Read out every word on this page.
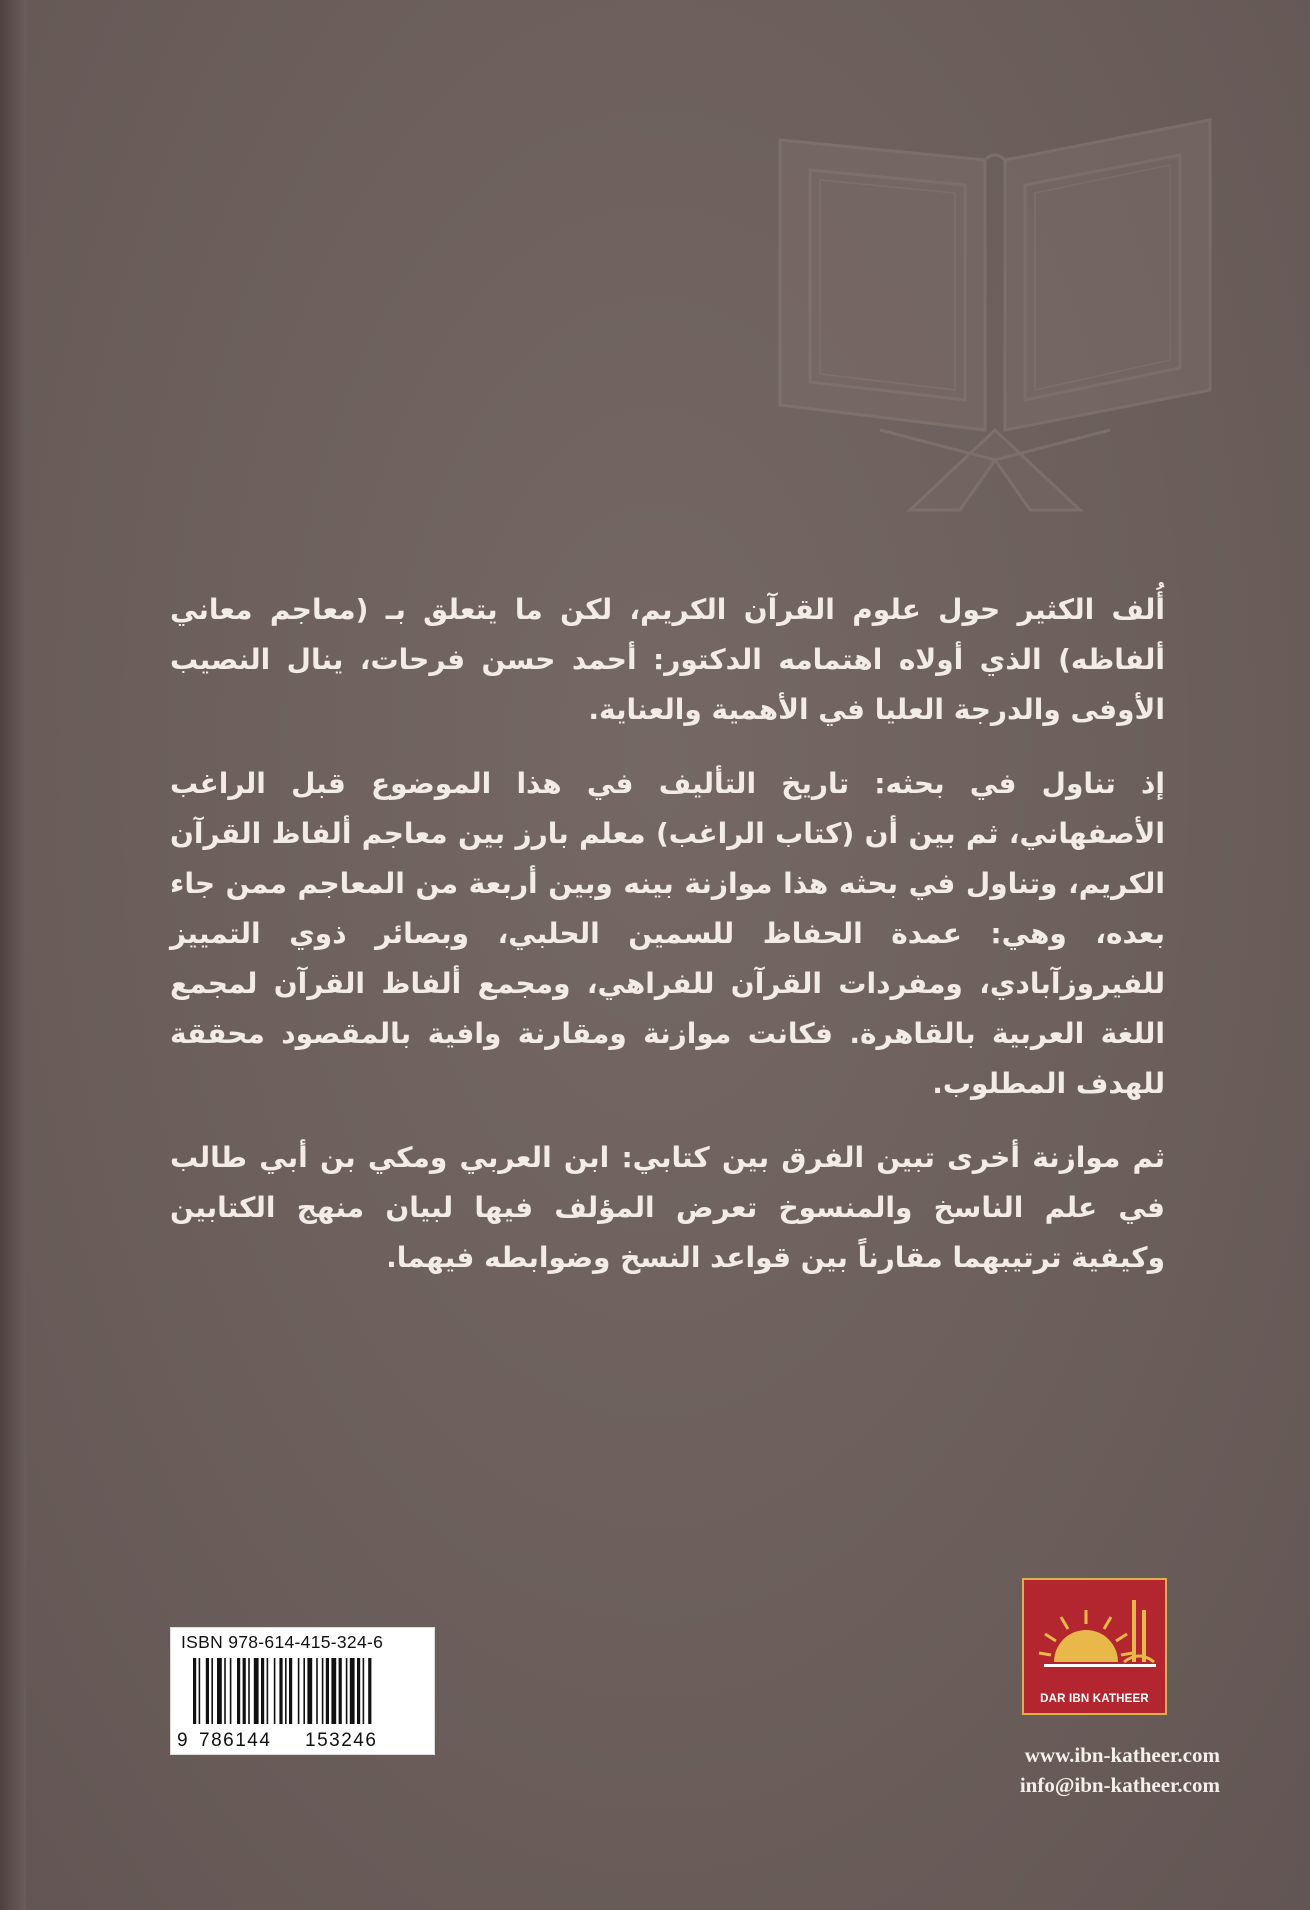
أُلف الكثير حول علوم القرآن الكريم، لكن ما يتعلق بـ (معاجم معاني ألفاظه) الذي أولاه اهتمامه الدكتور: أحمد حسن فرحات، ينال النصيب الأوفى والدرجة العليا في الأهمية والعناية.

إذ تناول في بحثه: تاريخ التأليف في هذا الموضوع قبل الراغب الأصفهاني، ثم بين أن (كتاب الراغب) معلم بارز بين معاجم ألفاظ القرآن الكريم، وتناول في بحثه هذا موازنة بينه وبين أربعة من المعاجم ممن جاء بعده، وهي: عمدة الحفاظ للسمين الحلبي، وبصائر ذوي التمييز للفيروزآبادي، ومفردات القرآن للفراهي، ومجمع ألفاظ القرآن لمجمع اللغة العربية بالقاهرة. فكانت موازنة ومقارنة وافية بالمقصود محققة للهدف المطلوب.

ثم موازنة أخرى تبين الفرق بين كتابي: ابن العربي ومكي بن أبي طالب في علم الناسخ والمنسوخ تعرض المؤلف فيها لبيان منهج الكتابين وكيفية ترتيبهما مقارناً بين قواعد النسخ وضوابطه فيهما.

DAR IBN KATHEER
www.ibn-katheer.com
info@ibn-katheer.com
ISBN 978-614-415-324-6
9 786144 153246
